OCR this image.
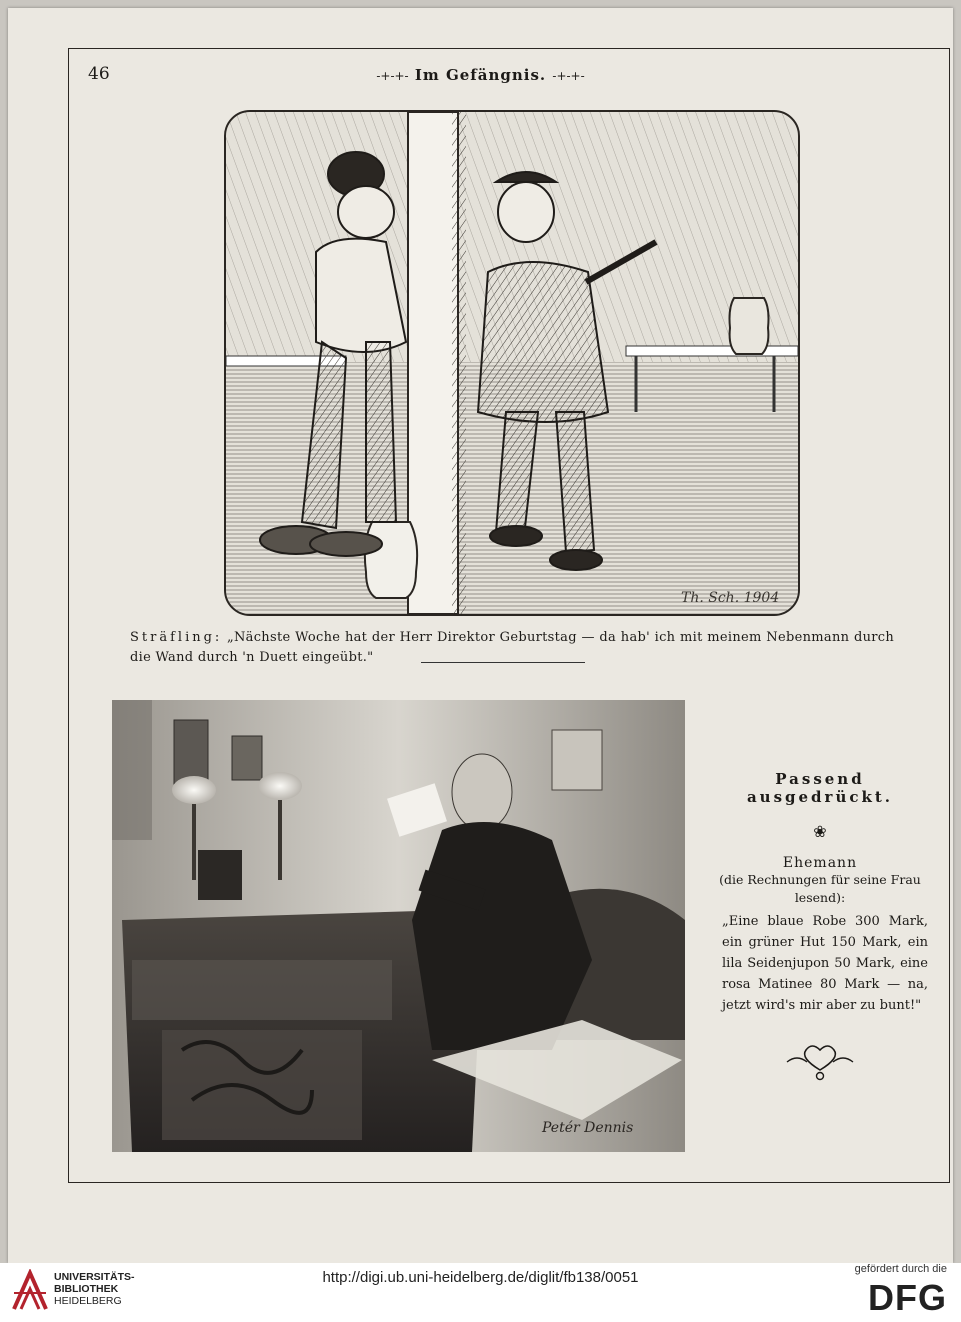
46	-+-+- Im Gefängnis. -+-+-
Th. Sch. 1904
Sträfling: „Nächste Woche hat der Herr Direktor Geburtstag — da hab' ich mit meinem Nebenmann durch die Wand durch 'n Duett eingeübt."
Petér Dennis
Passend ausgedrückt.
❀
Ehemann
(die Rechnungen für seine Frau lesend):
„Eine blaue Robe 300 Mark, ein grüner Hut 150 Mark, ein lila Seidenjupon 50 Mark, eine rosa Matinee 80 Mark — na, jetzt wird's mir aber zu bunt!"
UNIVERSITÄTS-
BIBLIOTHEK
HEIDELBERG
http://digi.ub.uni-heidelberg.de/diglit/fb138/0051	gefördert durch die
DFG
